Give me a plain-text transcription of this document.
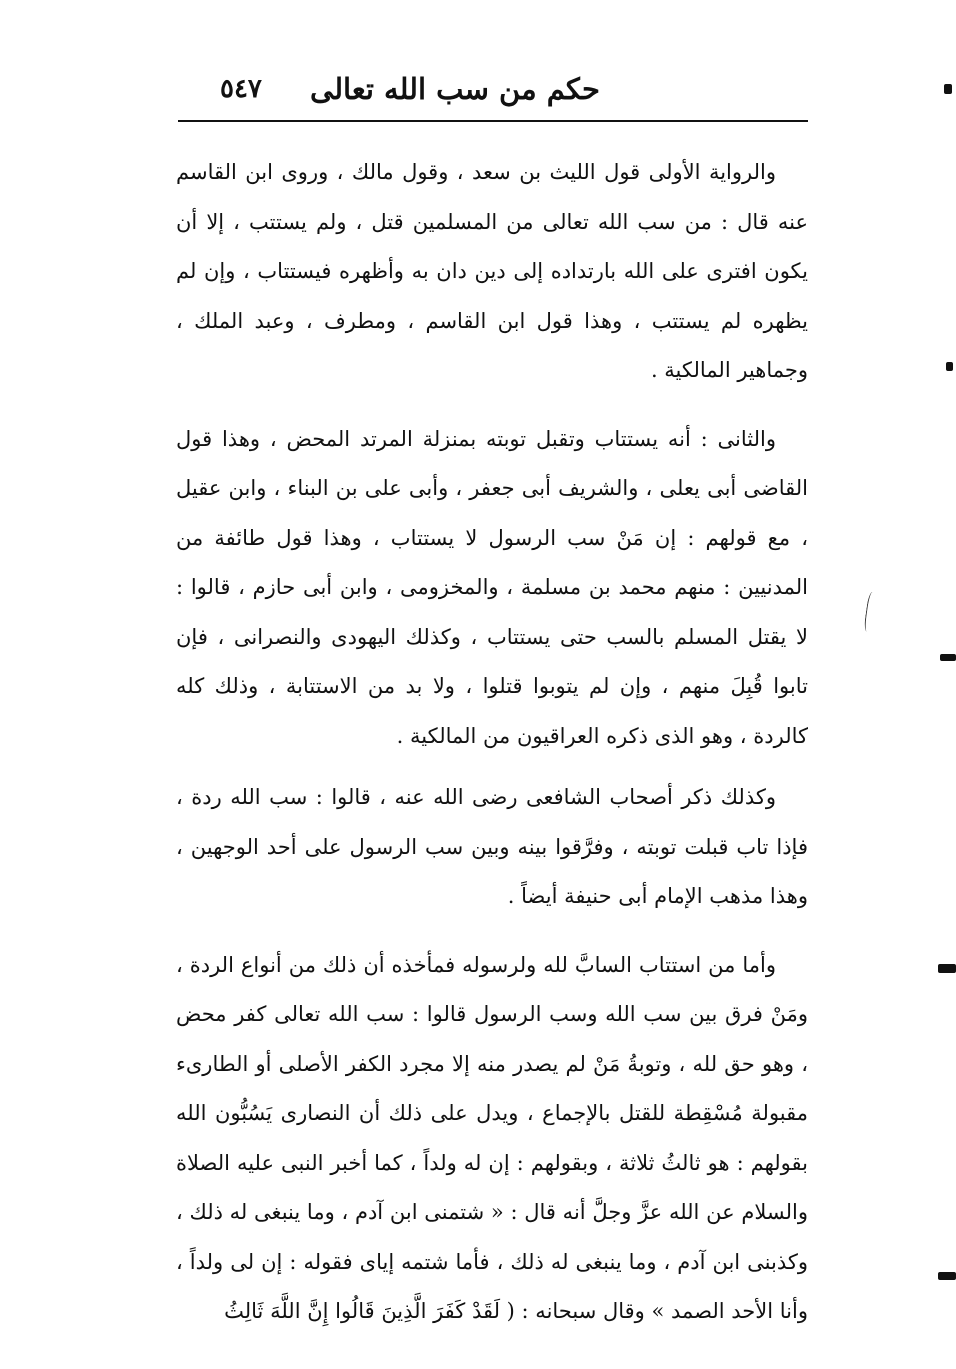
حكم من سب الله تعالى
٥٤٧

والرواية الأولى قول الليث بن سعد ، وقول مالك ، وروى ابن القاسم عنه قال : من سب الله تعالى من المسلمين قتل ، ولم يستتب ، إلا أن يكون افترى على الله بارتداده إلى دين دان به وأظهره فيستتاب ، وإن لم يظهره لم يستتب ، وهذا قول ابن القاسم ، ومطرف ، وعبد الملك ، وجماهير المالكية .

والثانى : أنه يستتاب وتقبل توبته بمنزلة المرتد المحض ، وهذا قول القاضى أبى يعلى ، والشريف أبى جعفر ، وأبى على بن البناء ، وابن عقيل ، مع قولهم : إن مَنْ سب الرسول لا يستتاب ، وهذا قول طائفة من المدنيين : منهم محمد بن مسلمة ، والمخزومى ، وابن أبى حازم ، قالوا : لا يقتل المسلم بالسب حتى يستتاب ، وكذلك اليهودى والنصرانى ، فإن تابوا قُبِلَ منهم ، وإن لم يتوبوا قتلوا ، ولا بد من الاستتابة ، وذلك كله كالردة ، وهو الذى ذكره العراقيون من المالكية .

وكذلك ذكر أصحاب الشافعى رضى الله عنه ، قالوا : سب الله ردة ، فإذا تاب قبلت توبته ، وفرَّقوا بينه وبين سب الرسول على أحد الوجهين ، وهذا مذهب الإمام أبى حنيفة أيضاً .

وأما من استتاب السابَّ لله ولرسوله فمأخذه أن ذلك من أنواع الردة ، ومَنْ فرق بين سب الله وسب الرسول قالوا : سب الله تعالى كفر محض ، وهو حق لله ، وتوبةُ مَنْ لم يصدر منه إلا مجرد الكفر الأصلى أو الطارىء مقبولة مُسْقِطة للقتل بالإجماع ، ويدل على ذلك أن النصارى يَسُبُّون الله بقولهم : هو ثالثُ ثلاثة ، وبقولهم : إن له ولداً ، كما أخبر النبى عليه الصلاة والسلام عن الله عزَّ وجلَّ أنه قال : « شتمنى ابن آدم ، وما ينبغى له ذلك ، وكذبنى ابن آدم ، وما ينبغى له ذلك ، فأما شتمه إياى فقوله : إن لى ولداً ، وأنا الأحد الصمد » وقال سبحانه : ( لَقَدْ كَفَرَ الَّذِينَ قَالُوا إِنَّ اللَّهَ ثَالِثُ
